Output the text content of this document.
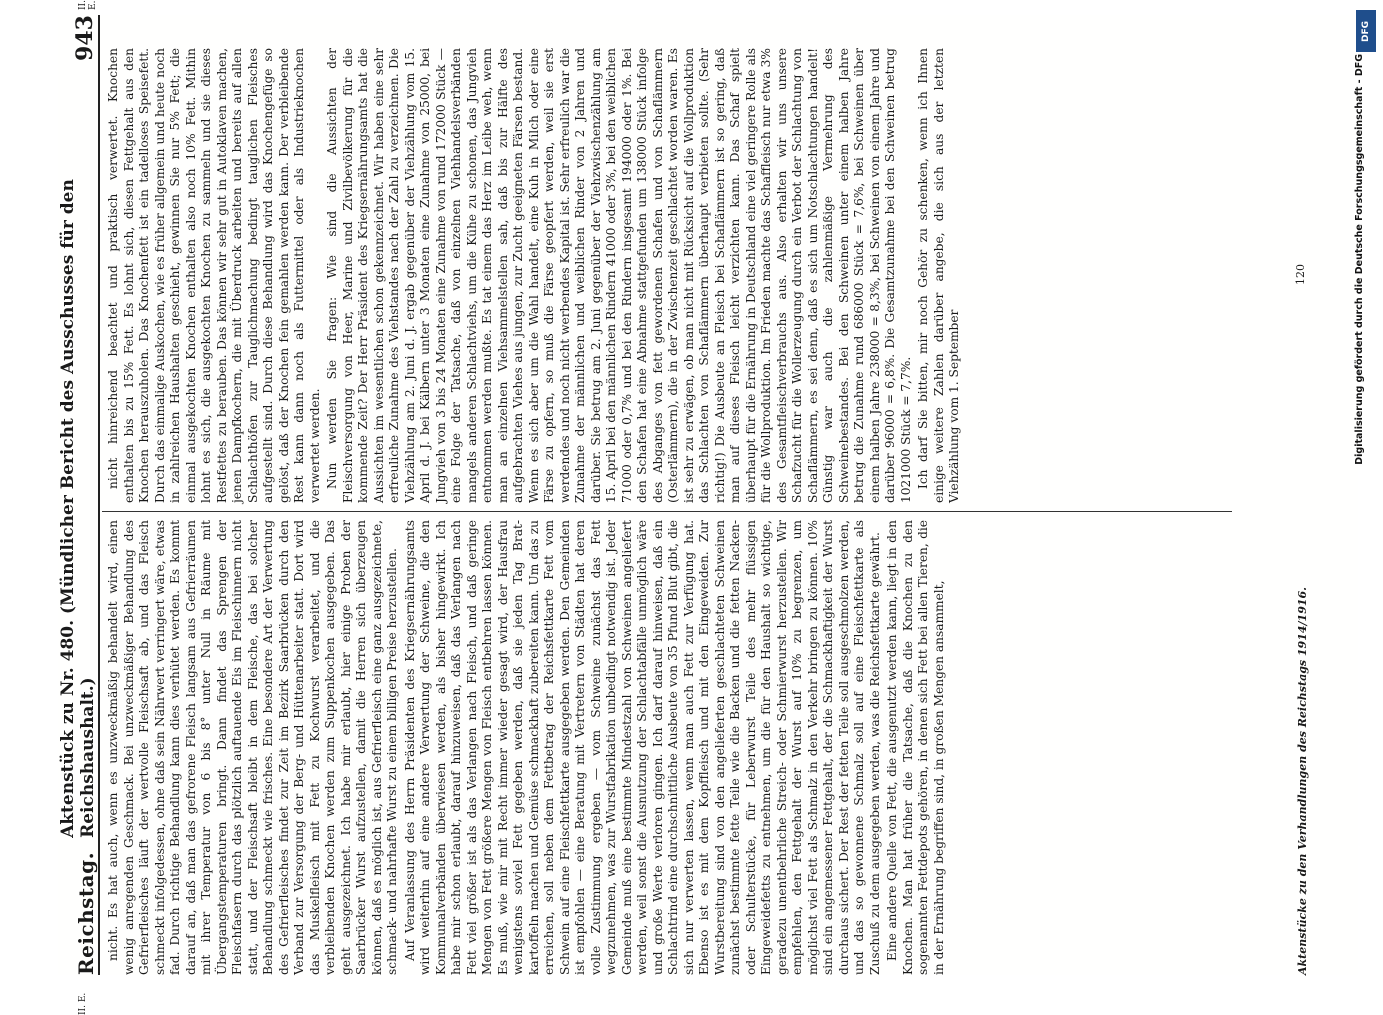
Reichstag.
Aktenstück zu Nr. 480. (Mündlicher Bericht des Ausschusses für den Reichshaushalt.)
943
II. E.
II. E.

nicht. Es hat auch, wenn es unzweckmäßig behandelt wird, einen wenig anregenden Geschmack. Bei unzweckmäßiger Behandlung des Gefrierfleisches läuft der wertvolle Fleischsaft ab, und das Fleisch schmeckt infolgedessen, ohne daß sein Nährwert verringert wäre, etwas fad. Durch richtige Behandlung kann dies verhütet werden. Es kommt darauf an, daß man das gefrorene Fleisch langsam aus Gefrierräumen mit ihrer Temperatur von 6 bis 8° unter Null in Räume mit Übergangstemperaturen bringt. Dann findet das Sprengen der Fleischfasern durch das plötzlich auftauende Eis im Fleischinnern nicht statt, und der Fleischsaft bleibt in dem Fleische, das bei solcher Behandlung schmeckt wie frisches. Eine besondere Art der Verwertung des Gefrierfleisches findet zur Zeit im Bezirk Saarbrücken durch den Verband zur Versorgung der Berg- und Hüttenarbeiter statt. Dort wird das Muskelfleisch mit Fett zu Kochwurst verarbeitet, und die verbleibenden Knochen werden zum Suppenkochen ausgegeben. Das geht ausgezeichnet. Ich habe mir erlaubt, hier einige Proben der Saarbrücker Wurst aufzustellen, damit die Herren sich überzeugen können, daß es möglich ist, aus Gefrierfleisch eine ganz ausgezeichnete, schmack- und nahrhafte Wurst zu einem billigen Preise herzustellen. Auf Veranlassung des Herrn Präsidenten des Kriegsernährungsamts wird weiterhin auf eine andere Verwertung der Schweine, die den Kommunalverbänden überwiesen werden, als bisher hingewirkt. Ich habe mir schon erlaubt, darauf hinzuweisen, daß das Verlangen nach Fett viel größer ist als das Verlangen nach Fleisch, und daß geringe Mengen von Fett größere Mengen von Fleisch entbehren lassen können. Es muß, wie mir mit Recht immer wieder gesagt wird, der Hausfrau wenigstens soviel Fett gegeben werden, daß sie jeden Tag Brat- kartoffeln machen und Gemüse schmackhaft zubereiten kann. Um das zu erreichen, soll neben dem Fettbetrag der Reichsfettkarte Fett vom Schwein auf eine Fleischfettkarte ausgegeben werden. Den Gemeinden ist empfohlen — eine Beratung mit Vertretern von Städten hat deren volle Zustimmung ergeben — vom Schweine zunächst das Fett wegzunehmen, was zur Wurstfabrikation unbedingt notwendig ist. Jeder Gemeinde muß eine bestimmte Mindestzahl von Schweinen angeliefert werden, weil sonst die Ausnutzung der Schlachtabfälle unmöglich wäre und große Werte verloren gingen. Ich darf darauf hinweisen, daß ein Schlachtrind eine durchschnittliche Ausbeute von 35 Pfund Blut gibt, die sich nur verwerten lassen, wenn man auch Fett zur Verfügung hat. Ebenso ist es mit dem Kopffleisch und mit den Eingeweiden. Zur Wurstbereitung sind von den angelieferten geschlachteten Schweinen zunächst bestimmte fette Teile wie die Backen und die fetten Nacken- oder Schulterstücke, für Leberwurst Teile des mehr flüssigen Eingeweidefetts zu entnehmen, um die für den Haushalt so wichtige, geradezu unentbehrliche Streich- oder Schmierwurst herzustellen. Wir empfehlen, den Fettgehalt der Wurst auf 10% zu begrenzen, um möglichst viel Fett als Schmalz in den Verkehr bringen zu können. 10% sind ein angemessener Fettgehalt, der die Schmackhaftigkeit der Wurst durchaus sichert. Der Rest der fetten Teile soll ausgeschmolzen werden, und das so gewonnene Schmalz soll auf eine Fleischfettkarte als Zuschuß zu dem ausgegeben werden, was die Reichsfettkarte gewährt. Eine andere Quelle von Fett, die ausgenutzt werden kann, liegt in den Knochen. Man hat früher die Tatsache, daß die Knochen zu den sogenannten Fettdepots gehören, in denen sich Fett bei allen Tieren, die in der Ernährung begriffen sind, in großen Mengen ansammelt,

nicht hinreichend beachtet und praktisch verwertet. Knochen enthalten bis zu 15% Fett. Es lohnt sich, diesen Fettgehalt aus den Knochen herauszuholen. Das Knochenfett ist ein tadelloses Speisefett. Durch das einmalige Auskochen, wie es früher allgemein und heute noch in zahlreichen Haushalten geschieht, gewinnen Sie nur 5% Fett; die einmal ausgekochten Knochen enthalten also noch 10% Fett. Mithin lohnt es sich, die ausgekochten Knochen zu sammeln und sie dieses Restfettes zu berauben. Das können wir sehr gut in Autoklaven machen, jenen Dampfkochern, die mit Überdruck arbeiten und bereits auf allen Schlachthöfen zur Tauglichmachung bedingt tauglichen Fleisches aufgestellt sind. Durch diese Behandlung wird das Knochengefüge so gelöst, daß der Knochen fein gemahlen werden kann. Der verbleibende Rest kann dann noch als Futtermittel oder als Industrieknochen verwertet werden. Nun werden Sie fragen: Wie sind die Aussichten der Fleischversorgung von Heer, Marine und Zivilbevölkerung für die kommende Zeit? Der Herr Präsident des Kriegsernährungsamts hat die Aussichten im wesentlichen schon gekennzeichnet. Wir haben eine sehr erfreuliche Zunahme des Viehstandes nach der Zahl zu verzeichnen. Die Viehzählung am 2. Juni d. J. ergab gegenüber der Viehzählung vom 15. April d. J. bei Kälbern unter 3 Monaten eine Zunahme von 25000, bei Jungvieh von 3 bis 24 Monaten eine Zunahme von rund 172000 Stück — eine Folge der Tatsache, daß von einzelnen Viehhandelsverbänden mangels anderen Schlachtviehs, um die Kühe zu schonen, das Jungvieh entnommen werden mußte. Es tat einem das Herz im Leibe weh, wenn man an einzelnen Viehsammelstellen sah, daß bis zur Hälfte des aufgebrachten Viehes aus jungen, zur Zucht geeigneten Färsen bestand. Wenn es sich aber um die Wahl handelt, eine Kuh in Milch oder eine Färse zu opfern, so muß die Färse geopfert werden, weil sie erst werdendes und noch nicht werbendes Kapital ist. Sehr erfreulich war die Zunahme der männlichen und weiblichen Rinder von 2 Jahren und darüber. Sie betrug am 2. Juni gegenüber der Viehzwischenzählung am 15. April bei den männlichen Rindern 41000 oder 3%, bei den weiblichen 71000 oder 0,7% und bei den Rindern insgesamt 194000 oder 1%. Bei den Schafen hat eine Abnahme stattgefunden um 138000 Stück infolge des Abganges von fett gewordenen Schafen und von Schaflämmern (Osterlämmern), die in der Zwischenzeit geschlachtet worden waren. Es ist sehr zu erwägen, ob man nicht mit Rücksicht auf die Wollproduktion das Schlachten von Schaflämmern überhaupt verbieten sollte. (Sehr richtig!) Die Ausbeute an Fleisch bei Schaflämmern ist so gering, daß man auf dieses Fleisch leicht verzichten kann. Das Schaf spielt überhaupt für die Ernährung in Deutschland eine viel geringere Rolle als für die Wollproduktion. Im Frieden machte das Schaffleisch nur etwa 3% des Gesamtfleischverbrauchs aus. Also erhalten wir uns unsere Schafzucht für die Wollerzeugung durch ein Verbot der Schlachtung von Schaflämmern, es sei denn, daß es sich um Notschlachtungen handelt! Günstig war auch die zahlenmäßige Vermehrung des Schweinebestandes. Bei den Schweinen unter einem halben Jahre betrug die Zunahme rund 686000 Stück = 7,6%, bei Schweinen über einem halben Jahre 238000 = 8,3%, bei Schweinen von einem Jahre und darüber 96000 = 6,8%. Die Gesamtzunahme bei den Schweinen betrug 1021000 Stück = 7,7%. Ich darf Sie bitten, mir noch Gehör zu schenken, wenn ich Ihnen einige weitere Zahlen darüber angebe, die sich aus der letzten Viehzählung vom 1. September

Aktenstücke zu den Verhandlungen des Reichstags 1914/1916.
120
DFG
Digitalisierung gefördert durch die Deutsche Forschungsgemeinschaft - DFG
